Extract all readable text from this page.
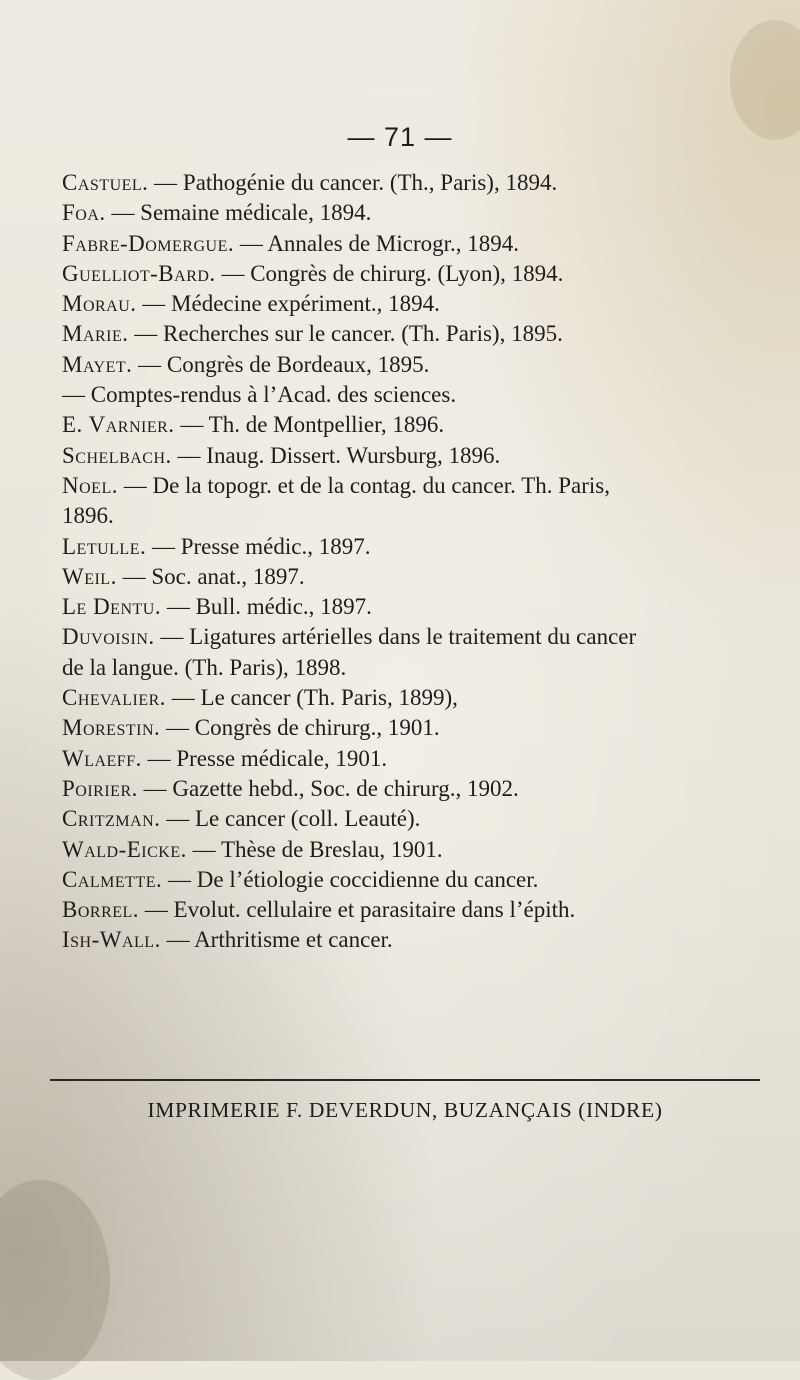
— 71 —
Castuel. — Pathogénie du cancer. (Th., Paris), 1894.
Foa. — Semaine médicale, 1894.
Fabre-Domergue. — Annales de Microgr., 1894.
Guelliot-Bard. — Congrès de chirurg. (Lyon), 1894.
Morau. — Médecine expériment., 1894.
Marie. — Recherches sur le cancer. (Th. Paris), 1895.
Mayet. — Congrès de Bordeaux, 1895.
— Comptes-rendus à l’Acad. des sciences.
E. Varnier. — Th. de Montpellier, 1896.
Schelbach. — Inaug. Dissert. Wursburg, 1896.
Noel. — De la topogr. et de la contag. du cancer. Th. Paris,
1896.
Letulle. — Presse médic., 1897.
Weil. — Soc. anat., 1897.
Le Dentu. — Bull. médic., 1897.
Duvoisin. — Ligatures artérielles dans le traitement du cancer
de la langue. (Th. Paris), 1898.
Chevalier. — Le cancer (Th. Paris, 1899),
Morestin. — Congrès de chirurg., 1901.
Wlaeff. — Presse médicale, 1901.
Poirier. — Gazette hebd., Soc. de chirurg., 1902.
Critzman. — Le cancer (coll. Leauté).
Wald-Eicke. — Thèse de Breslau, 1901.
Calmette. — De l’étiologie coccidienne du cancer.
Borrel. — Evolut. cellulaire et parasitaire dans l’épith.
Ish-Wall. — Arthritisme et cancer.
IMPRIMERIE F. DEVERDUN, BUZANÇAIS (INDRE)
